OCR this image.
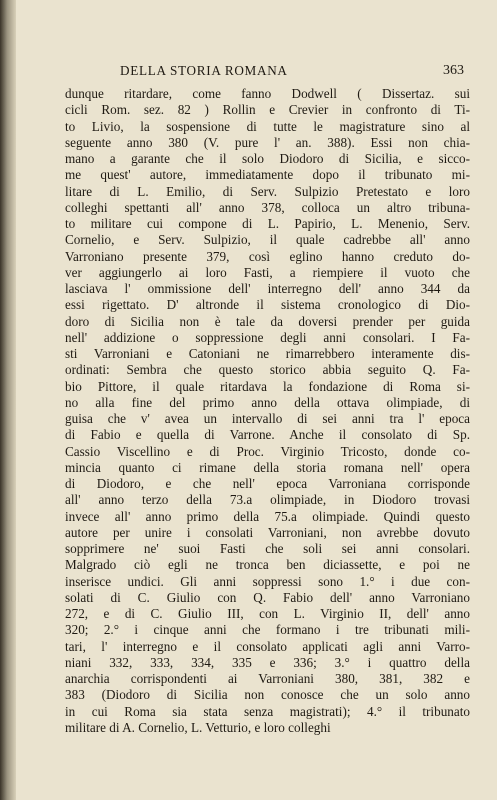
DELLA STORIA ROMANA	363
dunque ritardare, come fanno Dodwell ( Dissertaz. sui
cicli Rom. sez. 82 ) Rollin e Crevier in confronto di Ti-
to Livio, la sospensione di tutte le magistrature sino al
seguente anno 380 (V. pure l' an. 388). Essi non chia-
mano a garante che il solo Diodoro di Sicilia, e sicco-
me quest' autore, immediatamente dopo il tribunato mi-
litare di L. Emilio, di Serv. Sulpizio Pretestato e loro
colleghi spettanti all' anno 378, colloca un altro tribuna-
to militare cui compone di L. Papirio, L. Menenio, Serv.
Cornelio, e Serv. Sulpizio, il quale cadrebbe all' anno
Varroniano presente 379, così eglino hanno creduto do-
ver aggiungerlo ai loro Fasti, a riempiere il vuoto che
lasciava l' ommissione dell' interregno dell' anno 344 da
essi rigettato. D' altronde il sistema cronologico di Dio-
doro di Sicilia non è tale da doversi prender per guida
nell' addizione o soppressione degli anni consolari. I Fa-
sti Varroniani e Catoniani ne rimarrebbero interamente dis-
ordinati: Sembra che questo storico abbia seguito Q. Fa-
bio Pittore, il quale ritardava la fondazione di Roma si-
no alla fine del primo anno della ottava olimpiade, di
guisa che v' avea un intervallo di sei anni tra l' epoca
di Fabio e quella di Varrone. Anche il consolato di Sp.
Cassio Viscellino e di Proc. Virginio Tricosto, donde co-
mincia quanto ci rimane della storia romana nell' opera
di Diodoro, e che nell' epoca Varroniana corrisponde
all' anno terzo della 73.a olimpiade, in Diodoro trovasi
invece all' anno primo della 75.a olimpiade. Quindi questo
autore per unire i consolati Varroniani, non avrebbe dovuto
sopprimere ne' suoi Fasti che soli sei anni consolari.
Malgrado ciò egli ne tronca ben diciassette, e poi ne
inserisce undici. Gli anni soppressi sono 1.° i due con-
solati di C. Giulio con Q. Fabio dell' anno Varroniano
272, e di C. Giulio III, con L. Virginio II, dell' anno
320; 2.° i cinque anni che formano i tre tribunati mili-
tari, l' interregno e il consolato applicati agli anni Varro-
niani 332, 333, 334, 335 e 336; 3.° i quattro della
anarchia corrispondenti ai Varroniani 380, 381, 382 e
383 (Diodoro di Sicilia non conosce che un solo anno
in cui Roma sia stata senza magistrati); 4.° il tribunato
militare di A. Cornelio, L. Vetturio, e loro colleghi
